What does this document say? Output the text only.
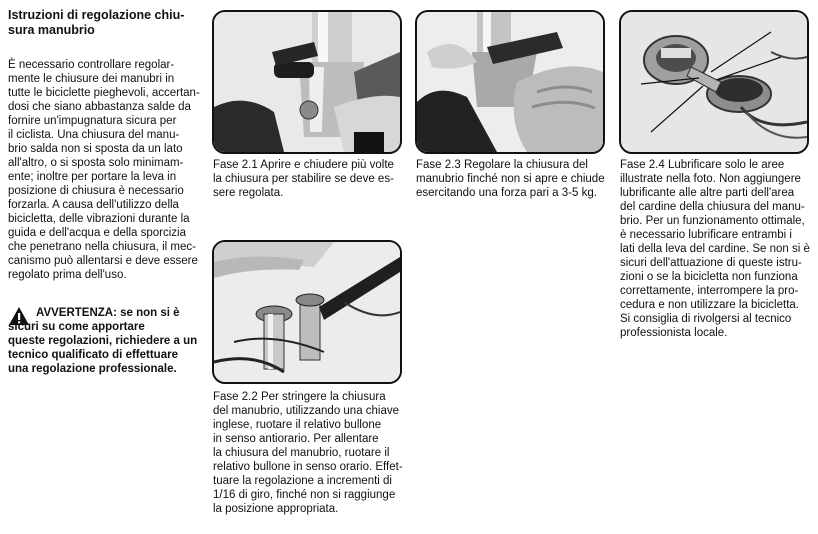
Istruzioni di regolazione chiu-
sura manubrio
È necessario controllare regolar-
mente le chiusure dei manubri in
tutte le biciclette pieghevoli, accertan-
dosi che siano abbastanza salde da
fornire un'impugnatura sicura per
il ciclista. Una chiusura del manu-
brio salda non si sposta da un lato
all'altro, o si sposta solo minimam-
ente; inoltre per portare la leva in
posizione di chiusura è necessario
forzarla. A causa dell'utilizzo della
bicicletta, delle vibrazioni durante la
guida e dell'acqua e della sporcizia
che penetrano nella chiusura, il mec-
canismo può allentarsi e deve essere
regolato prima dell'uso.
AVVERTENZA: se non si è
sicuri su come apportare
queste regolazioni, richiedere a un
tecnico qualificato di effettuare
una regolazione professionale.
Fase 2.1 Aprire e chiudere più volte
la chiusura per stabilire se deve es-
sere regolata.
Fase 2.3 Regolare la chiusura del
manubrio finché non si apre e chiude
esercitando una forza pari a 3-5 kg.
Fase 2.4 Lubrificare solo le aree
illustrate nella foto. Non aggiungere
lubrificante alle altre parti dell'area
del cardine della chiusura del manu-
brio. Per un funzionamento ottimale,
è necessario lubrificare entrambi i
lati della leva del cardine. Se non si è
sicuri dell'attuazione di queste istru-
zioni o se la bicicletta non funziona
correttamente, interrompere la pro-
cedura e non utilizzare la bicicletta.
Si consiglia di rivolgersi al tecnico
professionista locale.
Fase 2.2 Per stringere la chiusura
del manubrio, utilizzando una chiave
inglese, ruotare il relativo bullone
in senso antiorario. Per allentare
la chiusura del manubrio, ruotare il
relativo bullone in senso orario. Effet-
tuare la regolazione a incrementi di
1/16 di giro, finché non si raggiunge
la posizione appropriata.
